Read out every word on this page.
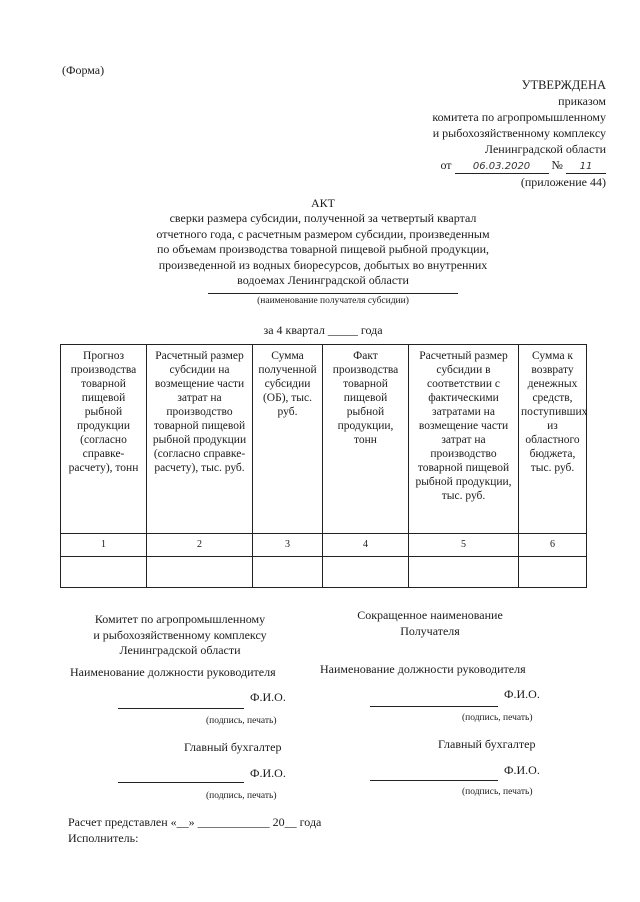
(Форма)
УТВЕРЖДЕНА
приказом
комитета по агропромышленному
и рыбохозяйственному комплексу
Ленинградской области
от 06.03.2020 № 11
(приложение 44)
АКТ
сверки размера субсидии, полученной за четвертый квартал
отчетного года, с расчетным размером субсидии, произведенным
по объемам производства товарной пищевой рыбной продукции,
произведенной из водных биоресурсов, добытых во внутренних
водоемах Ленинградской области
(наименование получателя субсидии)
за 4 квартал _____ года
Прогноз производства товарной пищевой рыбной продукции (согласно справке-расчету), тонн	Расчетный размер субсидии на возмещение части затрат на производство товарной пищевой рыбной продукции (согласно справке-расчету), тыс. руб.	Сумма полученной субсидии (ОБ), тыс. руб.	Факт производства товарной пищевой рыбной продукции, тонн	Расчетный размер субсидии в соответствии с фактическими затратами на возмещение части затрат на производство товарной пищевой рыбной продукции, тыс. руб.	Сумма к возврату денежных средств, поступивших из областного бюджета, тыс. руб.
1	2	3	4	5	6

Комитет по агропромышленному
и рыбохозяйственному комплексу
Ленинградской области
Наименование должности руководителя
Ф.И.О.
(подпись, печать)
Главный бухгалтер
Ф.И.О.
(подпись, печать)
Сокращенное наименование
Получателя
Наименование должности руководителя
Ф.И.О.
(подпись, печать)
Главный бухгалтер
Ф.И.О.
(подпись, печать)
Расчет представлен «__» ____________ 20__ года
Исполнитель:
